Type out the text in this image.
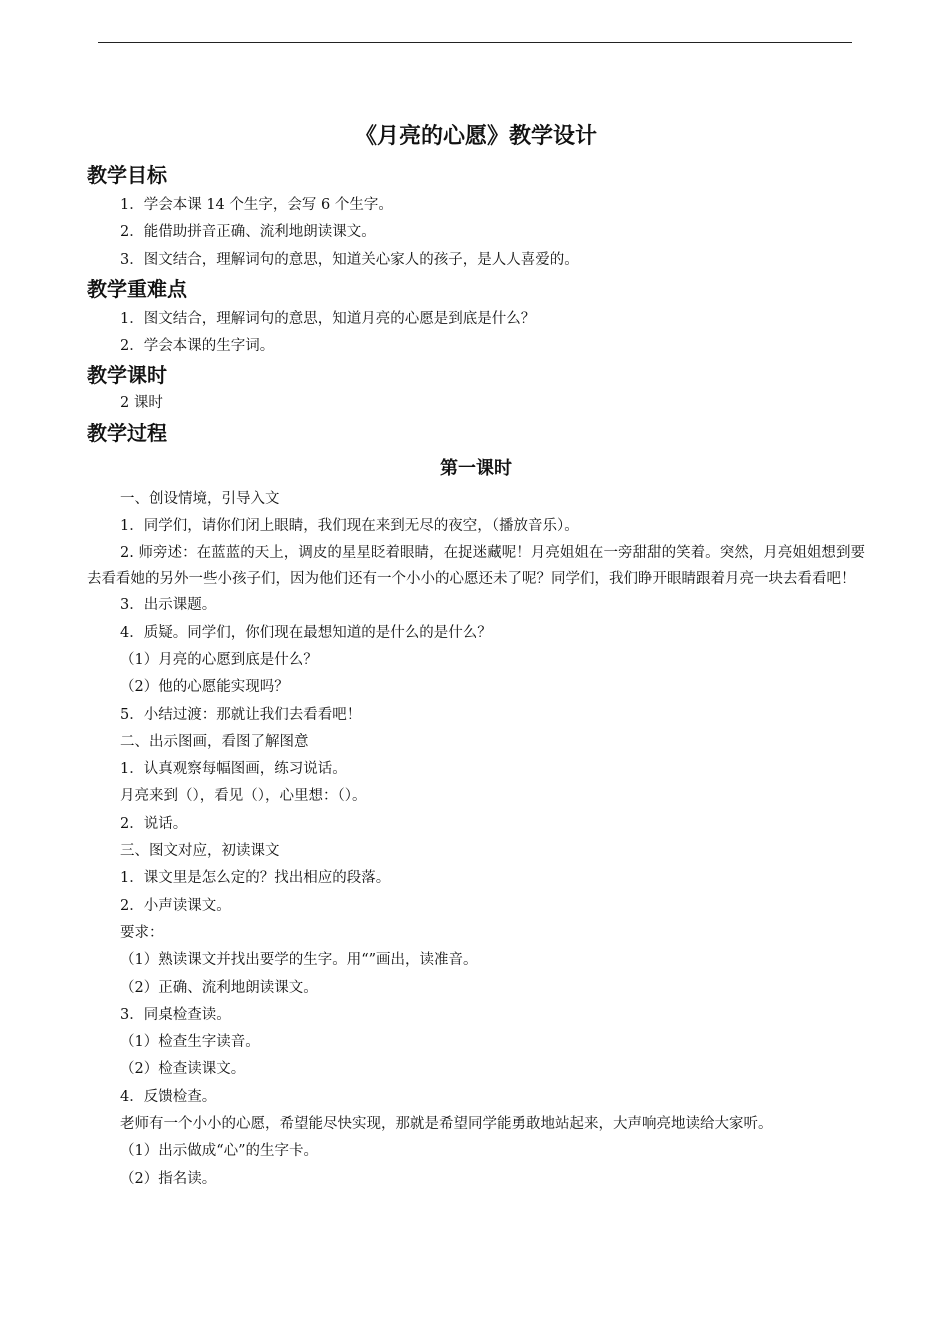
《月亮的心愿》教学设计
教学目标

1．学会本课 14 个生字，会写 6 个生字。

2．能借助拼音正确、流利地朗读课文。

3．图文结合，理解词句的意思，知道关心家人的孩子，是人人喜爱的。

教学重难点

1．图文结合，理解词句的意思，知道月亮的心愿是到底是什么？

2．学会本课的生字词。

教学课时

2 课时

教学过程
第一课时

一、创设情境，引导入文

1．同学们，请你们闭上眼睛，我们现在来到无尽的夜空，（播放音乐）。

2. 师旁述：在蓝蓝的天上，调皮的星星眨着眼睛，在捉迷藏呢！月亮姐姐在一旁甜甜的笑着。突然，月亮姐姐想到要去看看她的另外一些小孩子们，因为他们还有一个小小的心愿还未了呢？同学们，我们睁开眼睛跟着月亮一块去看看吧！

3．出示课题。

4．质疑。同学们，你们现在最想知道的是什么的是什么？

（1）月亮的心愿到底是什么？

（2）他的心愿能实现吗？

5．小结过渡：那就让我们去看看吧！

二、出示图画，看图了解图意

1．认真观察每幅图画，练习说话。

月亮来到（），看见（），心里想：（）。

2．说话。

三、图文对应，初读课文

1．课文里是怎么定的？找出相应的段落。

2．小声读课文。

要求：

（1）熟读课文并找出要学的生字。用“”画出，读准音。

（2）正确、流利地朗读课文。

3．同桌检查读。

（1）检查生字读音。

（2）检查读课文。

4．反馈检查。

老师有一个小小的心愿，希望能尽快实现，那就是希望同学能勇敢地站起来，大声响亮地读给大家听。

（1）出示做成“心”的生字卡。

（2）指名读。
